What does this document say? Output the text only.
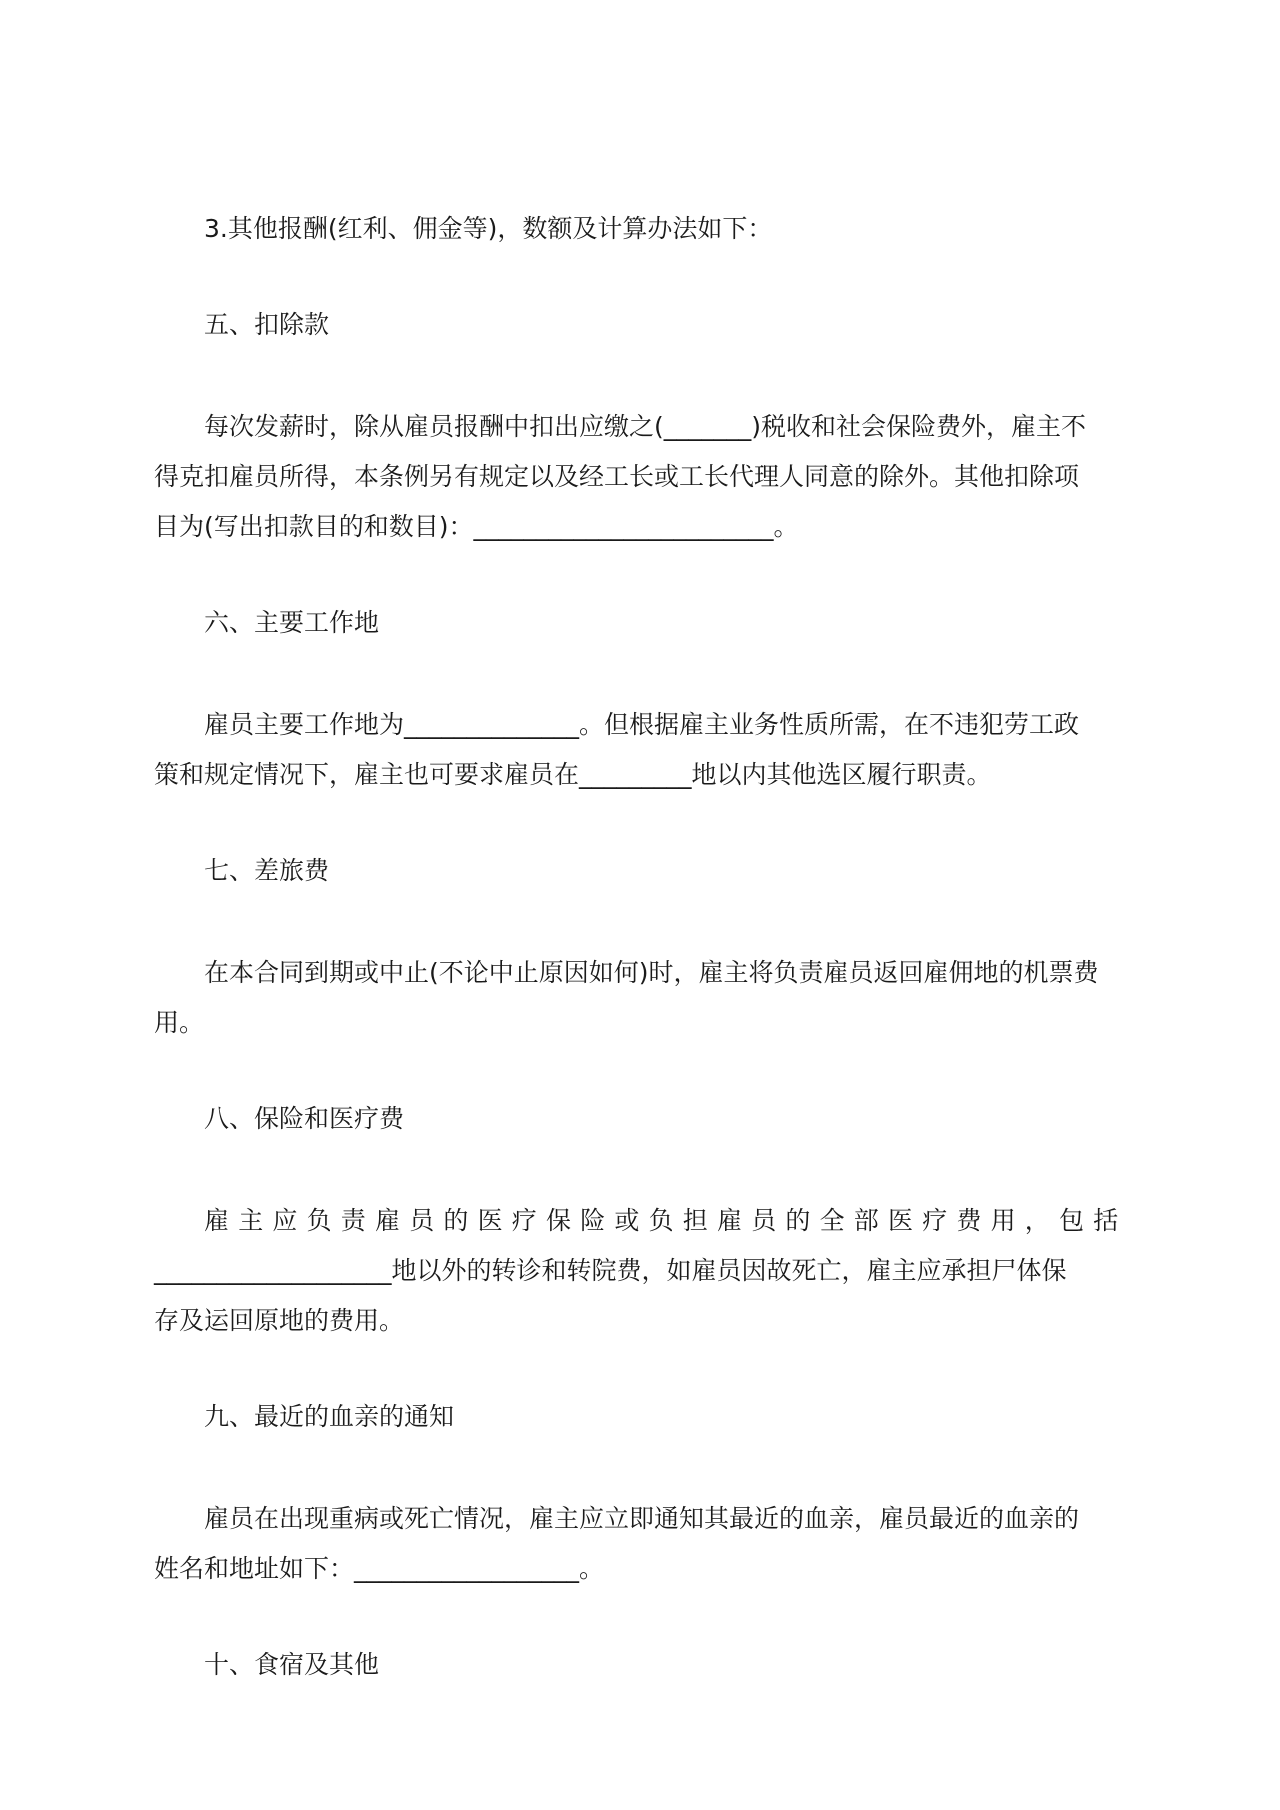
3.其他报酬(红利、佣金等)，数额及计算办法如下：

五、扣除款

每次发薪时，除从雇员报酬中扣出应缴之(_______)税收和社会保险费外，雇主不

得克扣雇员所得，本条例另有规定以及经工长或工长代理人同意的除外。其他扣除项

目为(写出扣款目的和数目)：________________________。

六、主要工作地

雇员主要工作地为______________。但根据雇主业务性质所需，在不违犯劳工政

策和规定情况下，雇主也可要求雇员在_________地以内其他选区履行职责。

七、差旅费

在本合同到期或中止(不论中止原因如何)时，雇主将负责雇员返回雇佣地的机票费

用。

八、保险和医疗费

雇主应负责雇员的医疗保险或负担雇员的全部医疗费用，包括

___________________地以外的转诊和转院费，如雇员因故死亡，雇主应承担尸体保

存及运回原地的费用。

九、最近的血亲的通知

雇员在出现重病或死亡情况，雇主应立即通知其最近的血亲，雇员最近的血亲的

姓名和地址如下：__________________。

十、食宿及其他
